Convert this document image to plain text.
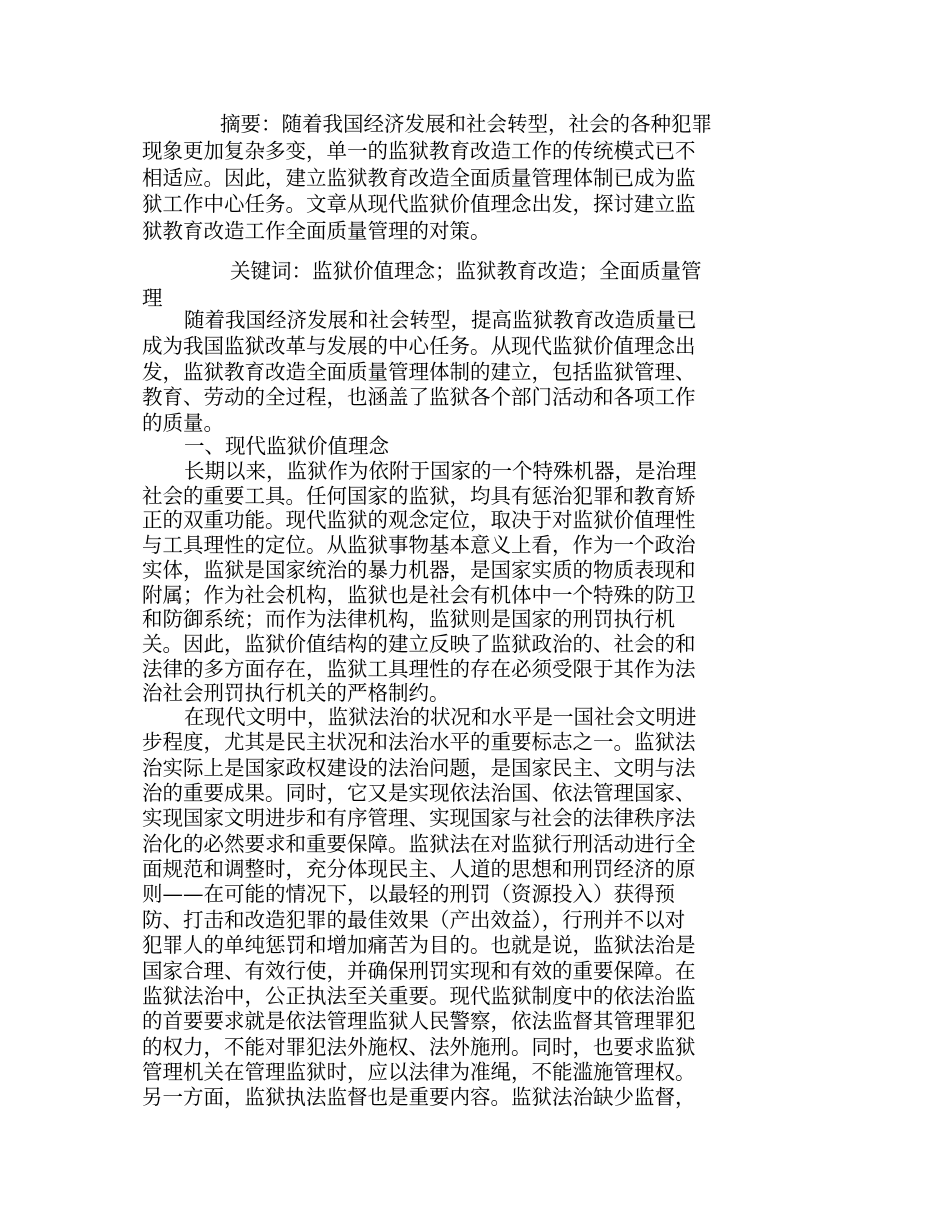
摘要：随着我国经济发展和社会转型，社会的各种犯罪

现象更加复杂多变，单一的监狱教育改造工作的传统模式已不

相适应。因此，建立监狱教育改造全面质量管理体制已成为监

狱工作中心任务。文章从现代监狱价值理念出发，探讨建立监

狱教育改造工作全面质量管理的对策。

关键词：监狱价值理念；监狱教育改造；全面质量管

理

随着我国经济发展和社会转型，提高监狱教育改造质量已

成为我国监狱改革与发展的中心任务。从现代监狱价值理念出

发，监狱教育改造全面质量管理体制的建立，包括监狱管理、

教育、劳动的全过程，也涵盖了监狱各个部门活动和各项工作

的质量。

一、现代监狱价值理念

长期以来，监狱作为依附于国家的一个特殊机器，是治理

社会的重要工具。任何国家的监狱，均具有惩治犯罪和教育矫

正的双重功能。现代监狱的观念定位，取决于对监狱价值理性

与工具理性的定位。从监狱事物基本意义上看，作为一个政治

实体，监狱是国家统治的暴力机器，是国家实质的物质表现和

附属；作为社会机构，监狱也是社会有机体中一个特殊的防卫

和防御系统；而作为法律机构，监狱则是国家的刑罚执行机

关。因此，监狱价值结构的建立反映了监狱政治的、社会的和

法律的多方面存在，监狱工具理性的存在必须受限于其作为法

治社会刑罚执行机关的严格制约。

在现代文明中，监狱法治的状况和水平是一国社会文明进

步程度，尤其是民主状况和法治水平的重要标志之一。监狱法

治实际上是国家政权建设的法治问题，是国家民主、文明与法

治的重要成果。同时，它又是实现依法治国、依法管理国家、

实现国家文明进步和有序管理、实现国家与社会的法律秩序法

治化的必然要求和重要保障。监狱法在对监狱行刑活动进行全

面规范和调整时，充分体现民主、人道的思想和刑罚经济的原

则——在可能的情况下，以最轻的刑罚（资源投入）获得预

防、打击和改造犯罪的最佳效果（产出效益），行刑并不以对

犯罪人的单纯惩罚和增加痛苦为目的。也就是说，监狱法治是

国家合理、有效行使，并确保刑罚实现和有效的重要保障。在

监狱法治中，公正执法至关重要。现代监狱制度中的依法治监

的首要要求就是依法管理监狱人民警察，依法监督其管理罪犯

的权力，不能对罪犯法外施权、法外施刑。同时，也要求监狱

管理机关在管理监狱时，应以法律为准绳，不能滥施管理权。

另一方面，监狱执法监督也是重要内容。监狱法治缺少监督，
